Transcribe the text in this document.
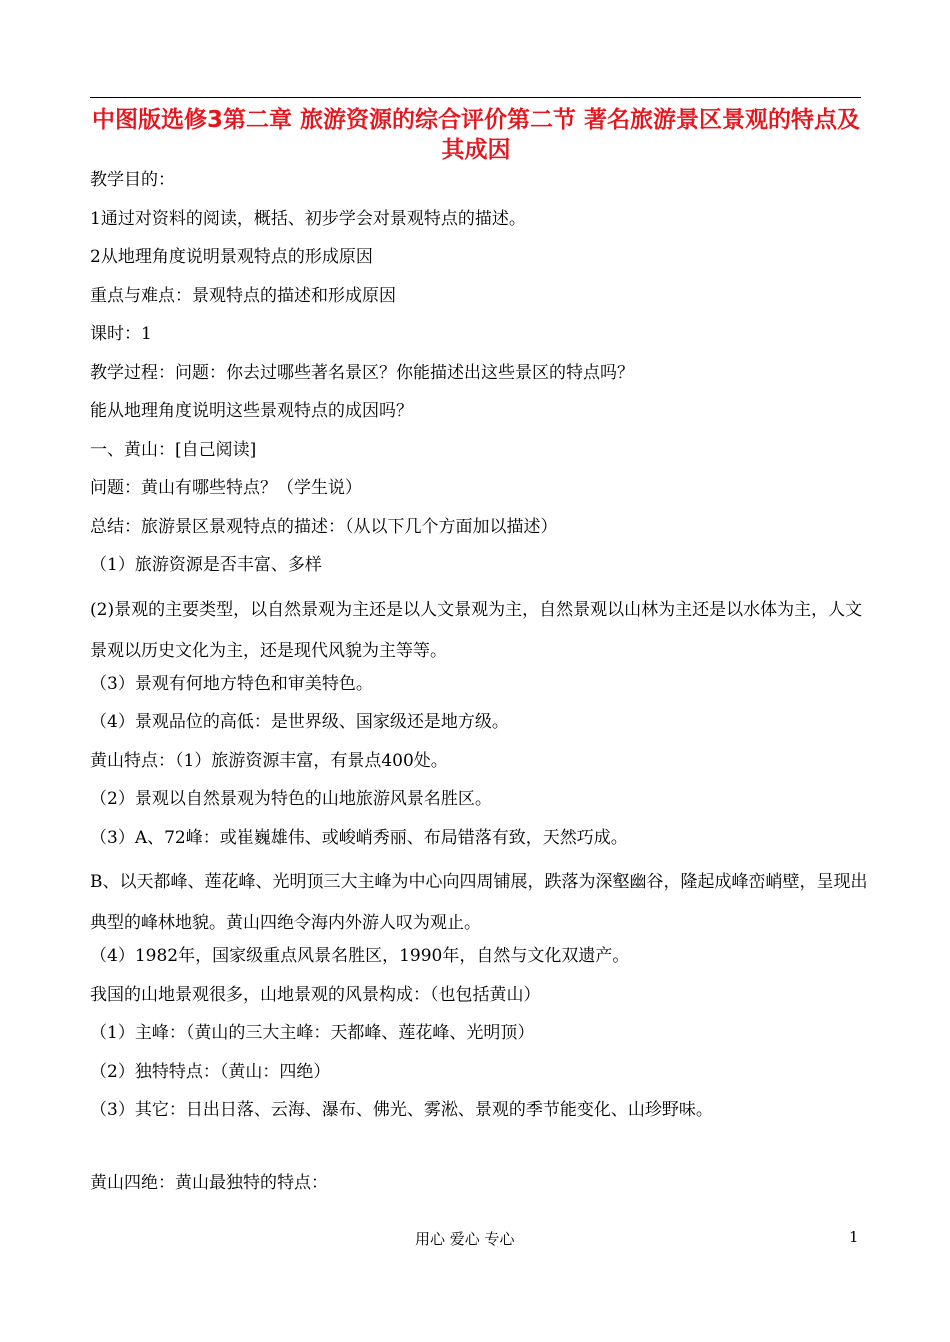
中图版选修3第二章 旅游资源的综合评价第二节 著名旅游景区景观的特点及其成因
教学目的：
1通过对资料的阅读，概括、初步学会对景观特点的描述。
2从地理角度说明景观特点的形成原因
重点与难点：景观特点的描述和形成原因
课时：1
教学过程：问题：你去过哪些著名景区？你能描述出这些景区的特点吗？
能从地理角度说明这些景观特点的成因吗？
一、黄山：[自己阅读]
问题：黄山有哪些特点？（学生说）
总结：旅游景区景观特点的描述：（从以下几个方面加以描述）
（1）旅游资源是否丰富、多样
(2)景观的主要类型，以自然景观为主还是以人文景观为主，自然景观以山林为主还是以水体为主，人文景观以历史文化为主，还是现代风貌为主等等。
（3）景观有何地方特色和审美特色。
（4）景观品位的高低：是世界级、国家级还是地方级。
黄山特点：（1）旅游资源丰富，有景点400处。
（2）景观以自然景观为特色的山地旅游风景名胜区。
（3）A、72峰：或崔巍雄伟、或峻峭秀丽、布局错落有致，天然巧成。
B、以天都峰、莲花峰、光明顶三大主峰为中心向四周铺展，跌落为深壑幽谷，隆起成峰峦峭壁，呈现出典型的峰林地貌。黄山四绝令海内外游人叹为观止。
（4）1982年，国家级重点风景名胜区，1990年，自然与文化双遗产。
我国的山地景观很多，山地景观的风景构成：（也包括黄山）
（1）主峰：（黄山的三大主峰：天都峰、莲花峰、光明顶）
（2）独特特点：（黄山：四绝）
（3）其它：日出日落、云海、瀑布、佛光、雾淞、景观的季节能变化、山珍野味。
黄山四绝：黄山最独特的特点：
用心 爱心 专心	1
